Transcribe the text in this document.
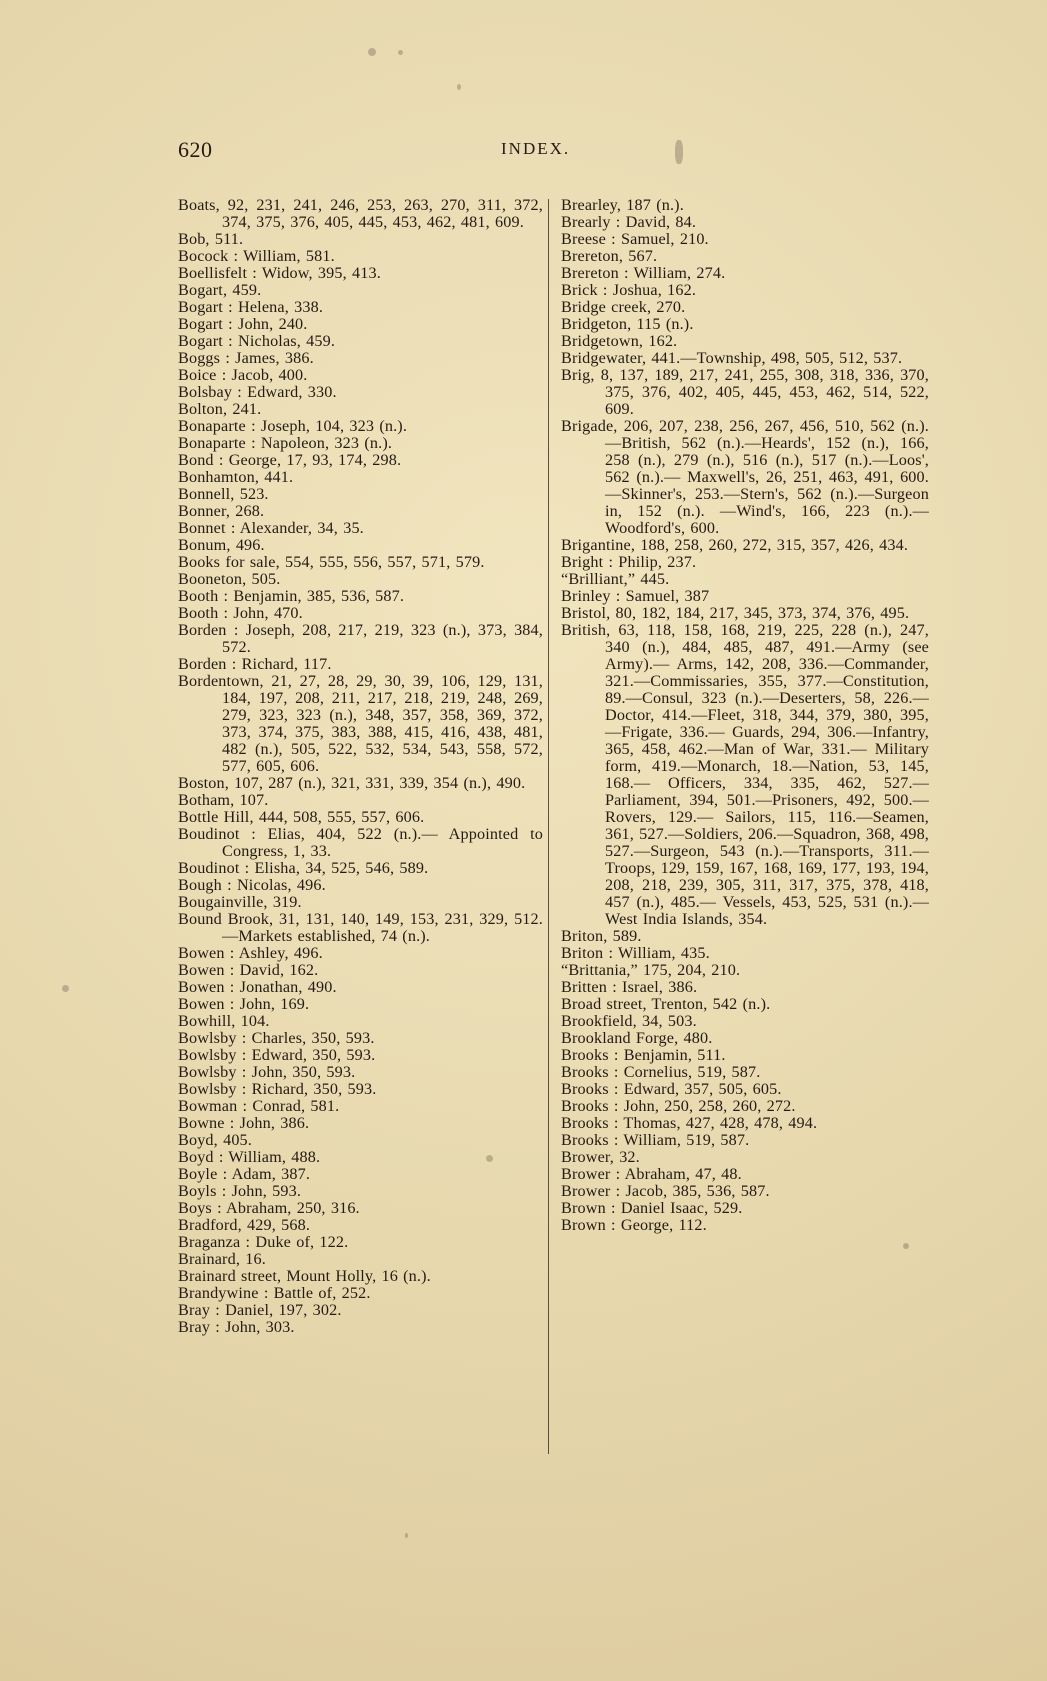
620	INDEX.

Boats, 92, 231, 241, 246, 253, 263, 270, 311, 372, 374, 375, 376, 405, 445, 453, 462, 481, 609.

Bob, 511.

Bocock : William, 581.

Boellisfelt : Widow, 395, 413.

Bogart, 459.

Bogart : Helena, 338.

Bogart : John, 240.

Bogart : Nicholas, 459.

Boggs : James, 386.

Boice : Jacob, 400.

Bolsbay : Edward, 330.

Bolton, 241.

Bonaparte : Joseph, 104, 323 (n.).

Bonaparte : Napoleon, 323 (n.).

Bond : George, 17, 93, 174, 298.

Bonhamton, 441.

Bonnell, 523.

Bonner, 268.

Bonnet : Alexander, 34, 35.

Bonum, 496.

Books for sale, 554, 555, 556, 557, 571, 579.

Booneton, 505.

Booth : Benjamin, 385, 536, 587.

Booth : John, 470.

Borden : Joseph, 208, 217, 219, 323 (n.), 373, 384, 572.

Borden : Richard, 117.

Bordentown, 21, 27, 28, 29, 30, 39, 106, 129, 131, 184, 197, 208, 211, 217, 218, 219, 248, 269, 279, 323, 323 (n.), 348, 357, 358, 369, 372, 373, 374, 375, 383, 388, 415, 416, 438, 481, 482 (n.), 505, 522, 532, 534, 543, 558, 572, 577, 605, 606.

Boston, 107, 287 (n.), 321, 331, 339, 354 (n.), 490.

Botham, 107.

Bottle Hill, 444, 508, 555, 557, 606.

Boudinot : Elias, 404, 522 (n.).— Appointed to Congress, 1, 33.

Boudinot : Elisha, 34, 525, 546, 589.

Bough : Nicolas, 496.

Bougainville, 319.

Bound Brook, 31, 131, 140, 149, 153, 231, 329, 512.—Markets established, 74 (n.).

Bowen : Ashley, 496.

Bowen : David, 162.

Bowen : Jonathan, 490.

Bowen : John, 169.

Bowhill, 104.

Bowlsby : Charles, 350, 593.

Bowlsby : Edward, 350, 593.

Bowlsby : John, 350, 593.

Bowlsby : Richard, 350, 593.

Bowman : Conrad, 581.

Bowne : John, 386.

Boyd, 405.

Boyd : William, 488.

Boyle : Adam, 387.

Boyls : John, 593.

Boys : Abraham, 250, 316.

Bradford, 429, 568.

Braganza : Duke of, 122.

Brainard, 16.

Brainard street, Mount Holly, 16 (n.).

Brandywine : Battle of, 252.

Bray : Daniel, 197, 302.

Bray : John, 303.

Brearley, 187 (n.).

Brearly : David, 84.

Breese : Samuel, 210.

Brereton, 567.

Brereton : William, 274.

Brick : Joshua, 162.

Bridge creek, 270.

Bridgeton, 115 (n.).

Bridgetown, 162.

Bridgewater, 441.—Township, 498, 505, 512, 537.

Brig, 8, 137, 189, 217, 241, 255, 308, 318, 336, 370, 375, 376, 402, 405, 445, 453, 462, 514, 522, 609.

Brigade, 206, 207, 238, 256, 267, 456, 510, 562 (n.).—British, 562 (n.).—Heards', 152 (n.), 166, 258 (n.), 279 (n.), 516 (n.), 517 (n.).—Loos', 562 (n.).— Maxwell's, 26, 251, 463, 491, 600.—Skinner's, 253.—Stern's, 562 (n.).—Surgeon in, 152 (n.). —Wind's, 166, 223 (n.).—Woodford's, 600.

Brigantine, 188, 258, 260, 272, 315, 357, 426, 434.

Bright : Philip, 237.

“Brilliant,” 445.

Brinley : Samuel, 387

Bristol, 80, 182, 184, 217, 345, 373, 374, 376, 495.

British, 63, 118, 158, 168, 219, 225, 228 (n.), 247, 340 (n.), 484, 485, 487, 491.—Army (see Army).— Arms, 142, 208, 336.—Commander, 321.—Commissaries, 355, 377.—Constitution, 89.—Consul, 323 (n.).—Deserters, 58, 226.— Doctor, 414.—Fleet, 318, 344, 379, 380, 395, —Frigate, 336.— Guards, 294, 306.—Infantry, 365, 458, 462.—Man of War, 331.— Military form, 419.—Monarch, 18.—Nation, 53, 145, 168.— Officers, 334, 335, 462, 527.— Parliament, 394, 501.—Prisoners, 492, 500.—Rovers, 129.— Sailors, 115, 116.—Seamen, 361, 527.—Soldiers, 206.—Squadron, 368, 498, 527.—Surgeon, 543 (n.).—Transports, 311.—Troops, 129, 159, 167, 168, 169, 177, 193, 194, 208, 218, 239, 305, 311, 317, 375, 378, 418, 457 (n.), 485.— Vessels, 453, 525, 531 (n.).— West India Islands, 354.

Briton, 589.

Briton : William, 435.

“Brittania,” 175, 204, 210.

Britten : Israel, 386.

Broad street, Trenton, 542 (n.).

Brookfield, 34, 503.

Brookland Forge, 480.

Brooks : Benjamin, 511.

Brooks : Cornelius, 519, 587.

Brooks : Edward, 357, 505, 605.

Brooks : John, 250, 258, 260, 272.

Brooks : Thomas, 427, 428, 478, 494.

Brooks : William, 519, 587.

Brower, 32.

Brower : Abraham, 47, 48.

Brower : Jacob, 385, 536, 587.

Brown : Daniel Isaac, 529.

Brown : George, 112.
